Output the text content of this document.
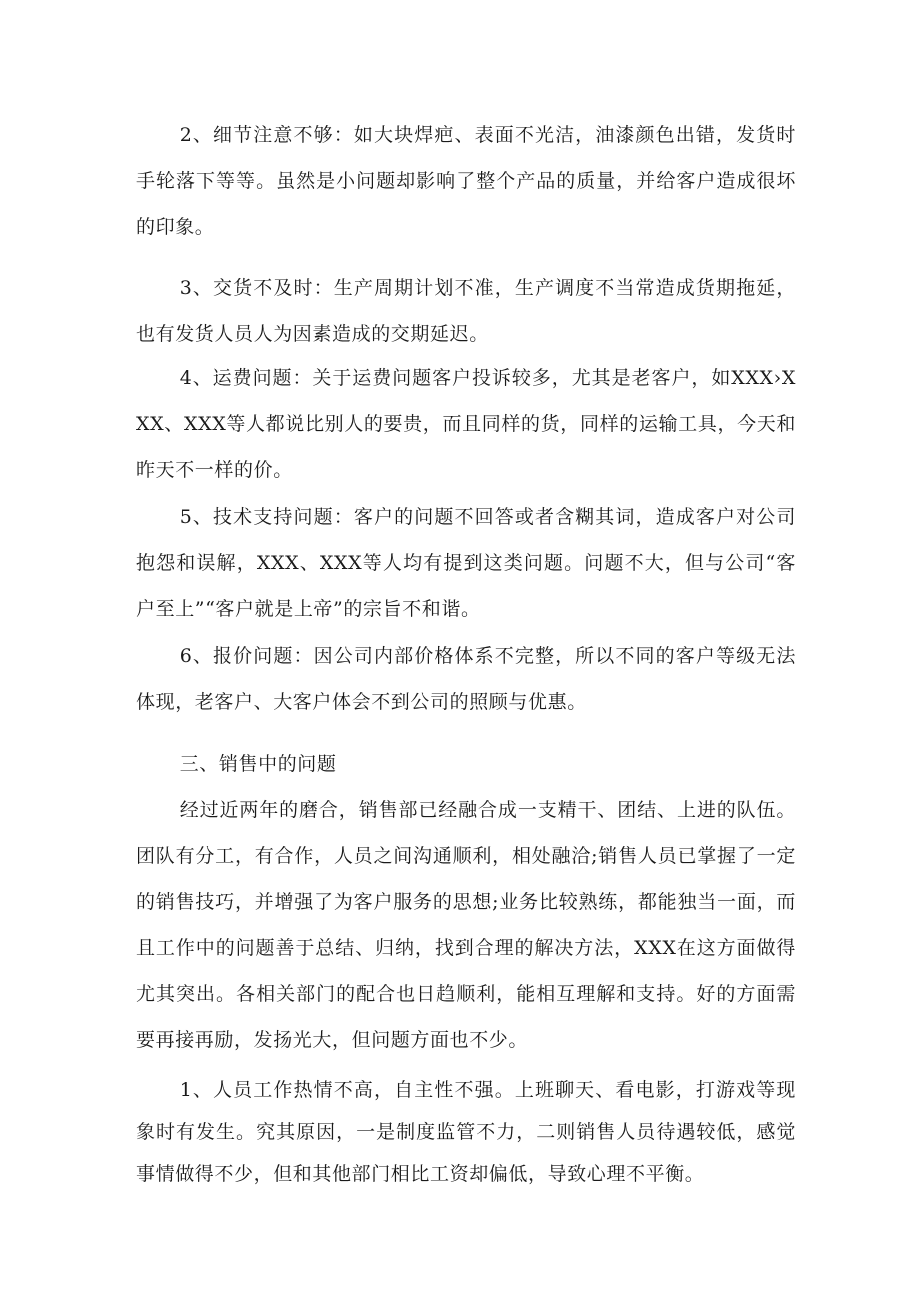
2、细节注意不够：如大块焊疤、表面不光洁，油漆颜色出错，发货时手轮落下等等。虽然是小问题却影响了整个产品的质量，并给客户造成很坏的印象。

3、交货不及时：生产周期计划不准，生产调度不当常造成货期拖延，也有发货人员人为因素造成的交期延迟。

4、运费问题：关于运费问题客户投诉较多，尤其是老客户，如XXX›XXX、XXX等人都说比别人的要贵，而且同样的货，同样的运输工具，今天和昨天不一样的价。

5、技术支持问题：客户的问题不回答或者含糊其词，造成客户对公司抱怨和误解，XXX、XXX等人均有提到这类问题。问题不大，但与公司“客户至上”“客户就是上帝”的宗旨不和谐。

6、报价问题：因公司内部价格体系不完整，所以不同的客户等级无法体现，老客户、大客户体会不到公司的照顾与优惠。

三、销售中的问题

经过近两年的磨合，销售部已经融合成一支精干、团结、上进的队伍。团队有分工，有合作，人员之间沟通顺利，相处融洽;销售人员已掌握了一定的销售技巧，并增强了为客户服务的思想;业务比较熟练，都能独当一面，而且工作中的问题善于总结、归纳，找到合理的解决方法，XXX在这方面做得尤其突出。各相关部门的配合也日趋顺利，能相互理解和支持。好的方面需要再接再励，发扬光大，但问题方面也不少。

1、人员工作热情不高，自主性不强。上班聊天、看电影，打游戏等现象时有发生。究其原因，一是制度监管不力，二则销售人员待遇较低，感觉事情做得不少，但和其他部门相比工资却偏低，导致心理不平衡。
